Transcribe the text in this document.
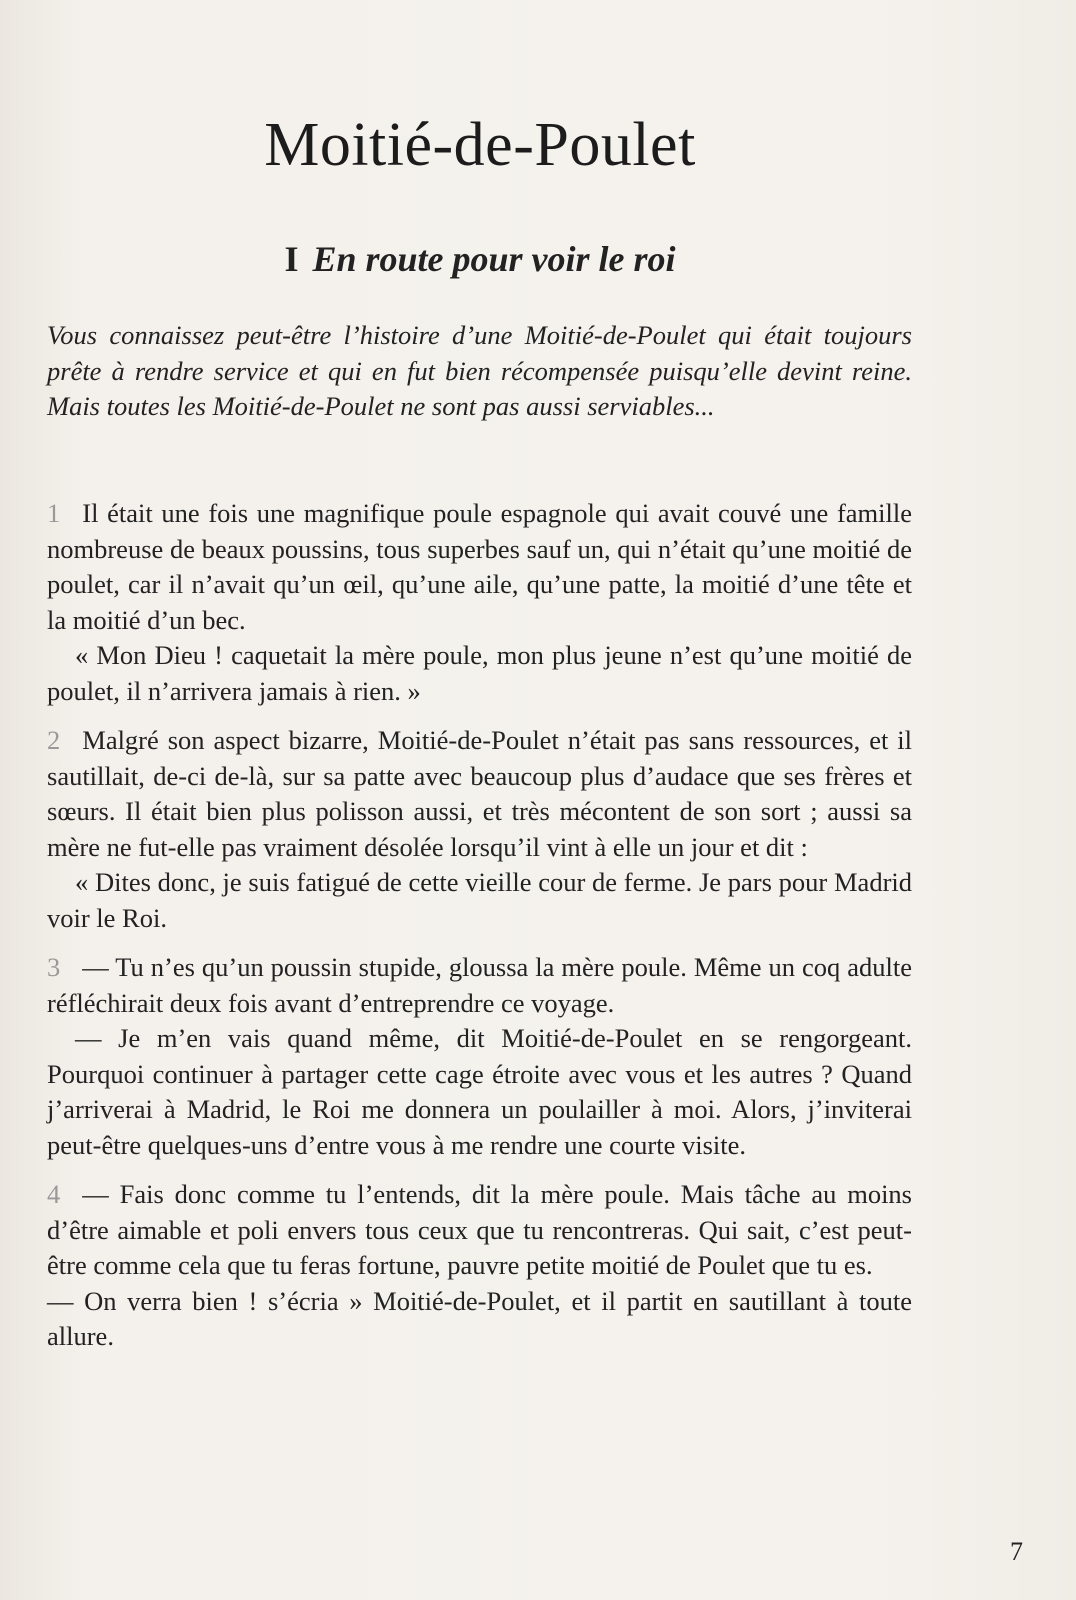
Moitié-de-Poulet
I En route pour voir le roi

Vous connaissez peut-être l’histoire d’une Moitié-de-Poulet qui était toujours prête à rendre service et qui en fut bien récompensée puisqu’elle devint reine. Mais toutes les Moitié-de-Poulet ne sont pas aussi serviables...

1 Il était une fois une magnifique poule espagnole qui avait couvé une famille nombreuse de beaux poussins, tous superbes sauf un, qui n’était qu’une moitié de poulet, car il n’avait qu’un œil, qu’une aile, qu’une patte, la moitié d’une tête et la moitié d’un bec.

« Mon Dieu ! caquetait la mère poule, mon plus jeune n’est qu’une moitié de poulet, il n’arrivera jamais à rien. »

2 Malgré son aspect bizarre, Moitié-de-Poulet n’était pas sans ressources, et il sautillait, de-ci de-là, sur sa patte avec beaucoup plus d’audace que ses frères et sœurs. Il était bien plus polisson aussi, et très mécontent de son sort ; aussi sa mère ne fut-elle pas vraiment désolée lorsqu’il vint à elle un jour et dit :

« Dites donc, je suis fatigué de cette vieille cour de ferme. Je pars pour Madrid voir le Roi.

3 — Tu n’es qu’un poussin stupide, gloussa la mère poule. Même un coq adulte réfléchirait deux fois avant d’entreprendre ce voyage.

— Je m’en vais quand même, dit Moitié-de-Poulet en se rengorgeant. Pourquoi continuer à partager cette cage étroite avec vous et les autres ? Quand j’arriverai à Madrid, le Roi me donnera un poulailler à moi. Alors, j’inviterai peut-être quelques-uns d’entre vous à me rendre une courte visite.

4 — Fais donc comme tu l’entends, dit la mère poule. Mais tâche au moins d’être aimable et poli envers tous ceux que tu rencontreras. Qui sait, c’est peut-être comme cela que tu feras fortune, pauvre petite moitié de Poulet que tu es.

— On verra bien ! s’écria » Moitié-de-Poulet, et il partit en sautillant à toute allure.

7
